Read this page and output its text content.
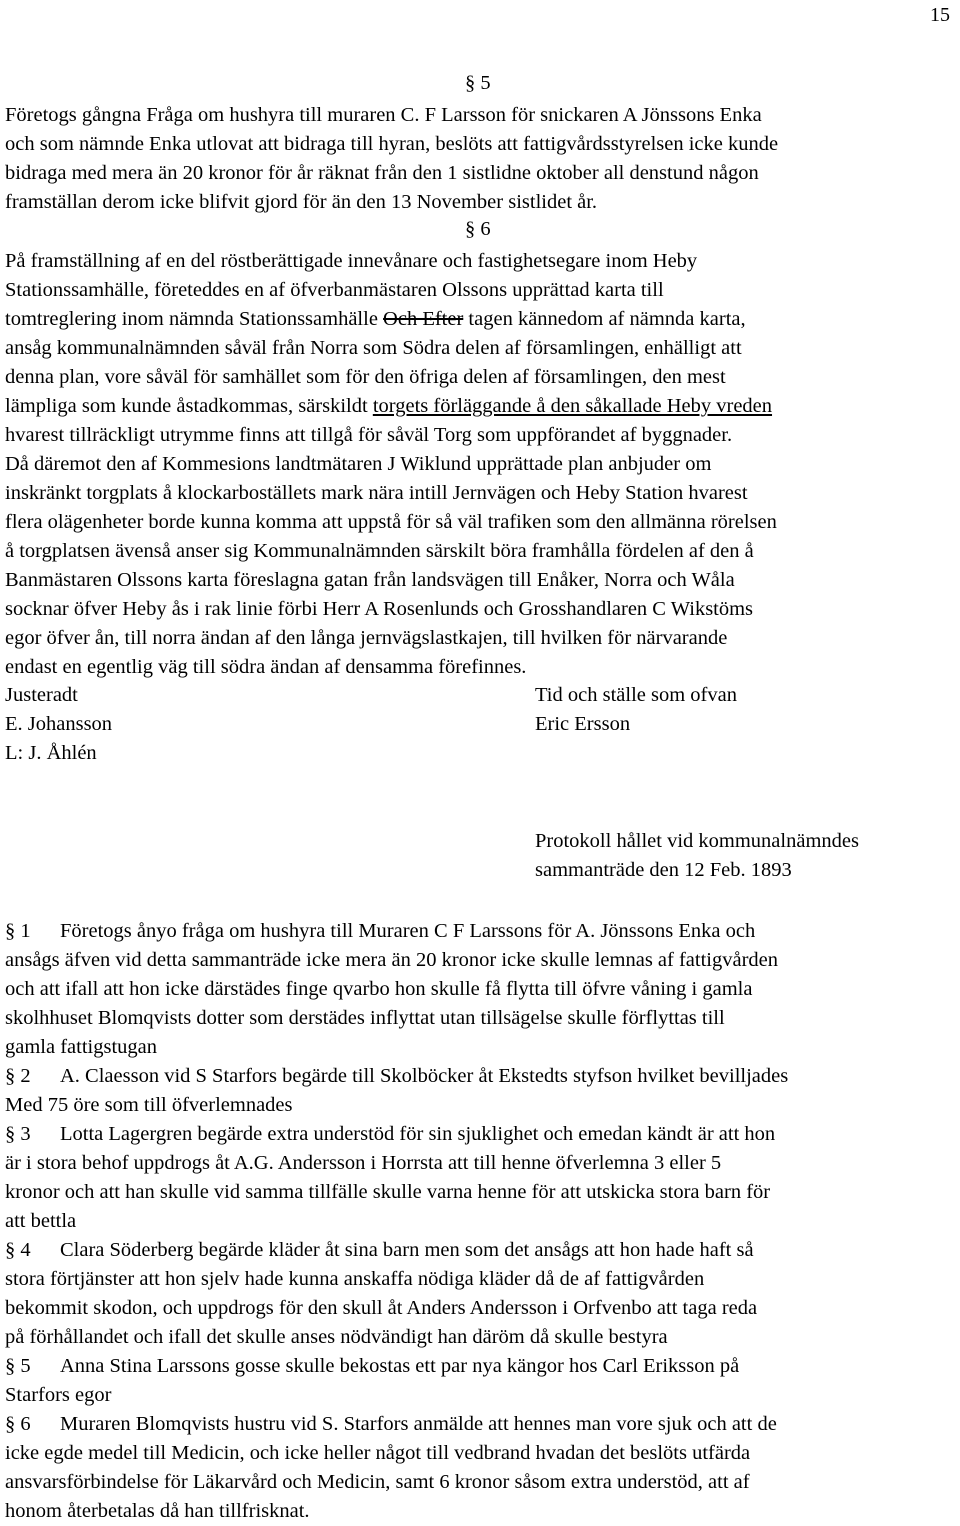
15
§ 5
Företogs gångna Fråga om hushyra till muraren C. F Larsson för snickaren A Jönssons Enka
och som nämnde Enka utlovat att bidraga till hyran, beslöts att fattigvårdsstyrelsen icke kunde
bidraga med mera än 20 kronor för år räknat från den 1 sistlidne oktober all denstund någon
framställan derom icke blifvit gjord för än den 13 November sistlidet år.
§ 6
På framställning af en del röstberättigade innevånare och fastighetsegare inom Heby
Stationssamhälle, företeddes en af öfverbanmästaren Olssons upprättad karta till
tomtreglering inom nämnda Stationssamhälle Och Efter tagen kännedom af nämnda karta,
ansåg kommunalnämnden såväl från Norra som Södra delen af församlingen, enhälligt att
denna plan, vore såväl för samhället som för den öfriga delen af församlingen, den mest
lämpliga som kunde åstadkommas, särskildt torgets förläggande å den såkallade Heby vreden
hvarest tillräckligt utrymme finns att tillgå för såväl Torg som uppförandet af byggnader.
Då däremot den af Kommesions landtmätaren J Wiklund upprättade plan anbjuder om
inskränkt torgplats å klockarboställets mark nära intill Jernvägen och Heby Station hvarest
flera olägenheter borde kunna komma att uppstå för så väl trafiken som den allmänna rörelsen
å torgplatsen ävenså anser sig Kommunalnämnden särskilt böra framhålla fördelen af den å
Banmästaren Olssons karta föreslagna gatan från landsvägen till Enåker, Norra och Wåla
socknar öfver Heby ås i rak linie förbi Herr A Rosenlunds och Grosshandlaren C Wikstöms
egor öfver ån, till norra ändan af den långa jernvägslastkajen, till hvilken för närvarande
endast en egentlig väg till södra ändan af densamma förefinnes.
Justeradt	Tid och ställe som ofvan
E. Johansson	Eric Ersson
L: J. Åhlén
Protokoll hållet vid kommunalnämndes
sammanträde den 12 Feb. 1893
§ 1 Företogs ånyo fråga om hushyra till Muraren C F Larssons för A. Jönssons Enka och
ansågs äfven vid detta sammanträde icke mera än 20 kronor icke skulle lemnas af fattigvården
och att ifall att hon icke därstädes finge qvarbo hon skulle få flytta till öfvre våning i gamla
skolhhuset Blomqvists dotter som derstädes inflyttat utan tillsägelse skulle förflyttas till
gamla fattigstugan
§ 2 A. Claesson vid S Starfors begärde till Skolböcker åt Ekstedts styfson hvilket bevilljades
Med 75 öre som till öfverlemnades
§ 3 Lotta Lagergren begärde extra understöd för sin sjuklighet och emedan kändt är att hon
är i stora behof uppdrogs åt A.G. Andersson i Horrsta att till henne öfverlemna 3 eller 5
kronor och att han skulle vid samma tillfälle skulle varna henne för att utskicka stora barn för
att bettla
§ 4 Clara Söderberg begärde kläder åt sina barn men som det ansågs att hon hade haft så
stora förtjänster att hon sjelv hade kunna anskaffa nödiga kläder då de af fattigvården
bekommit skodon, och uppdrogs för den skull åt Anders Andersson i Orfvenbo att taga reda
på förhållandet och ifall det skulle anses nödvändigt han däröm då skulle bestyra
§ 5 Anna Stina Larssons gosse skulle bekostas ett par nya kängor hos Carl Eriksson på
Starfors egor
§ 6 Muraren Blomqvists hustru vid S. Starfors anmälde att hennes man vore sjuk och att de
icke egde medel till Medicin, och icke heller något till vedbrand hvadan det beslöts utfärda
ansvarsförbindelse för Läkarvård och Medicin, samt 6 kronor såsom extra understöd, att af
honom återbetalas då han tillfrisknat.
